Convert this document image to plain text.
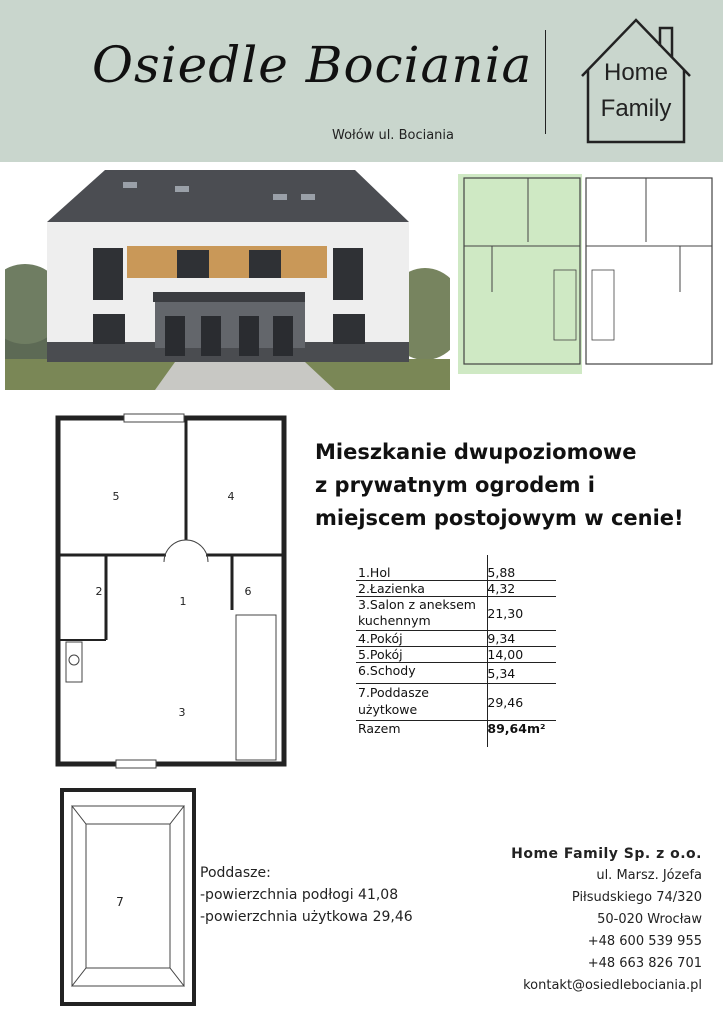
Osiedle Bociania
Wołów ul. Bociania
Home
Family
5	4
2
1
6
3
Mieszkanie dwupoziomowe
z prywatnym ogrodem i
miejscem postojowym w cenie!
1.Hol	5,88
2.Łazienka	4,32
3.Salon z aneksem kuchennym	21,30
4.Pokój	9,34
5.Pokój	14,00
6.Schody	5,34
7.Poddasze użytkowe	29,46
Razem	89,64m²
7
Poddasze:
-powierzchnia podłogi 41,08
-powierzchnia użytkowa 29,46
Home Family Sp. z o.o.
ul. Marsz. Józefa
Piłsudskiego 74/320
50-020 Wrocław
+48 600 539 955
+48 663 826 701
kontakt@osiedlebociania.pl
